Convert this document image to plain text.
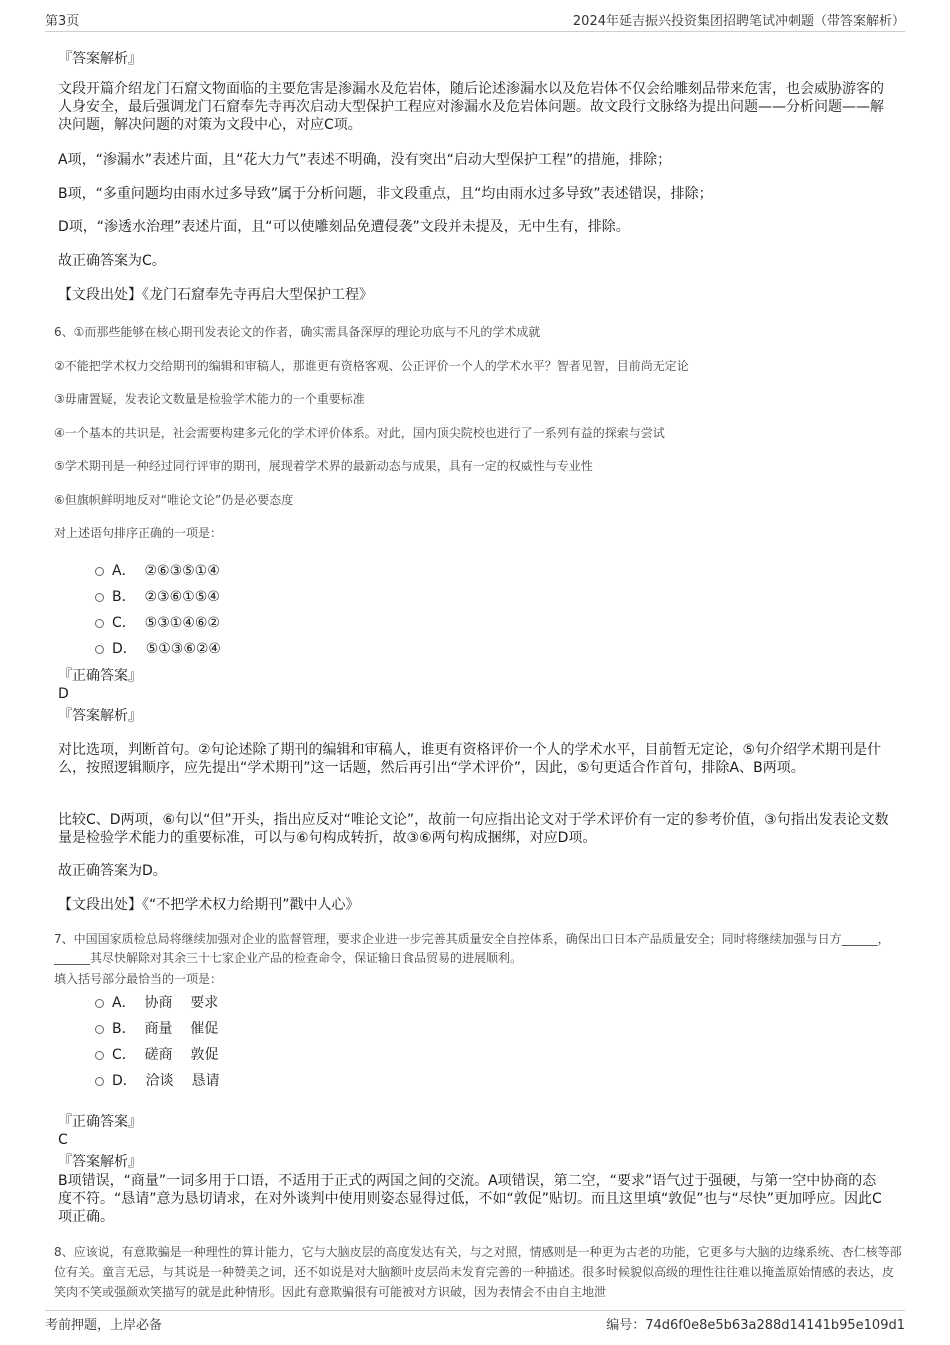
第3页	2024年延吉振兴投资集团招聘笔试冲刺题（带答案解析）
『答案解析』
文段开篇介绍龙门石窟文物面临的主要危害是渗漏水及危岩体，随后论述渗漏水以及危岩体不仅会给雕刻品带来危害，也会威胁游客的人身安全，最后强调龙门石窟奉先寺再次启动大型保护工程应对渗漏水及危岩体问题。故文段行文脉络为提出问题——分析问题——解决问题，解决问题的对策为文段中心，对应C项。
A项，“渗漏水”表述片面，且“花大力气”表述不明确，没有突出“启动大型保护工程”的措施，排除；
B项，“多重问题均由雨水过多导致”属于分析问题，非文段重点，且“均由雨水过多导致”表述错误，排除；
D项，“渗透水治理”表述片面，且“可以使雕刻品免遭侵袭”文段并未提及，无中生有，排除。
故正确答案为C。
【文段出处】《龙门石窟奉先寺再启大型保护工程》
6、①而那些能够在核心期刊发表论文的作者，确实需具备深厚的理论功底与不凡的学术成就
②不能把学术权力交给期刊的编辑和审稿人，那谁更有资格客观、公正评价一个人的学术水平？智者见智，目前尚无定论
③毋庸置疑，发表论文数量是检验学术能力的一个重要标准
④一个基本的共识是，社会需要构建多元化的学术评价体系。对此，国内顶尖院校也进行了一系列有益的探索与尝试
⑤学术期刊是一种经过同行评审的期刊，展现着学术界的最新动态与成果，具有一定的权威性与专业性
⑥但旗帜鲜明地反对“唯论文论”仍是必要态度
对上述语句排序正确的一项是：
A．  ②⑥③⑤①④
B．  ②③⑥①⑤④
C．  ⑤③①④⑥②
D．  ⑤①③⑥②④
『正确答案』
D
『答案解析』
对比选项，判断首句。②句论述除了期刊的编辑和审稿人，谁更有资格评价一个人的学术水平，目前暂无定论，⑤句介绍学术期刊是什么，按照逻辑顺序，应先提出“学术期刊”这一话题，然后再引出“学术评价”，因此，⑤句更适合作首句，排除A、B两项。
比较C、D两项，⑥句以“但”开头，指出应反对“唯论文论”，故前一句应指出论文对于学术评价有一定的参考价值，③句指出发表论文数量是检验学术能力的重要标准，可以与⑥句构成转折，故③⑥两句构成捆绑，对应D项。
故正确答案为D。
【文段出处】《“不把学术权力给期刊”戳中人心》
7、中国国家质检总局将继续加强对企业的监督管理，要求企业进一步完善其质量安全自控体系，确保出口日本产品质量安全；同时将继续加强与日方______，______其尽快解除对其余三十七家企业产品的检查命令，保证输日食品贸易的进展顺利。
填入括号部分最恰当的一项是：
A．  协商    要求
B．  商量    催促
C．  磋商    敦促
D．  洽谈    恳请
『正确答案』
C
『答案解析』
B项错误，“商量”一词多用于口语，不适用于正式的两国之间的交流。A项错误，第二空，“要求”语气过于强硬，与第一空中协商的态度不符。“恳请”意为恳切请求，在对外谈判中使用则姿态显得过低，不如“敦促”贴切。而且这里填“敦促”也与“尽快”更加呼应。因此C项正确。
8、应该说，有意欺骗是一种理性的算计能力，它与大脑皮层的高度发达有关，与之对照，情感则是一种更为古老的功能，它更多与大脑的边缘系统、杏仁核等部位有关。童言无忌，与其说是一种赞美之词，还不如说是对大脑额叶皮层尚未发育完善的一种描述。很多时候貌似高级的理性往往难以掩盖原始情感的表达，皮笑肉不笑或强颜欢笑描写的就是此种情形。因此有意欺骗很有可能被对方识破，因为表情会不由自主地泄
考前押题，上岸必备	编号：74d6f0e8e5b63a288d14141b95e109d1
